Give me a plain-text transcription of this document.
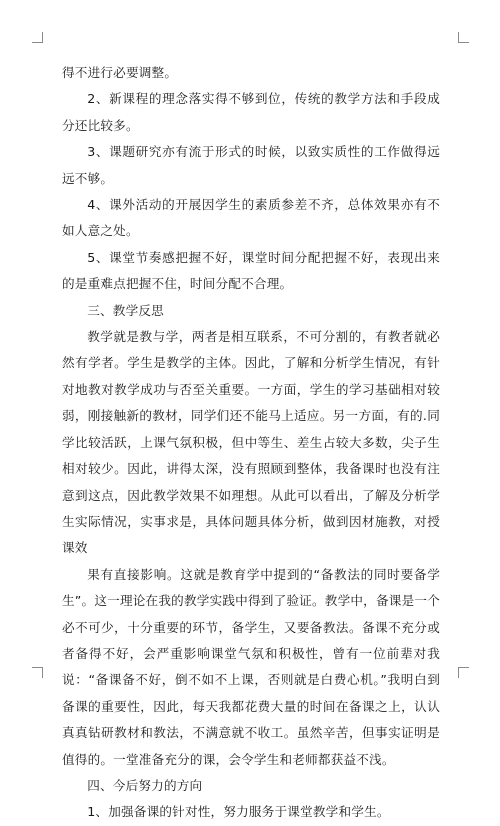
得不进行必要调整。

2、新课程的理念落实得不够到位，传统的教学方法和手段成分还比较多。

3、课题研究亦有流于形式的时候，以致实质性的工作做得远远不够。

4、课外活动的开展因学生的素质参差不齐，总体效果亦有不如人意之处。

5、课堂节奏感把握不好，课堂时间分配把握不好，表现出来的是重难点把握不住，时间分配不合理。

三、教学反思

教学就是教与学，两者是相互联系，不可分割的，有教者就必然有学者。学生是教学的主体。因此，了解和分析学生情况，有针对地教对教学成功与否至关重要。一方面，学生的学习基础相对较弱，刚接触新的教材，同学们还不能马上适应。另一方面，有的.同学比较活跃，上课气氛积极，但中等生、差生占较大多数，尖子生相对较少。因此，讲得太深，没有照顾到整体，我备课时也没有注意到这点，因此教学效果不如理想。从此可以看出，了解及分析学生实际情况，实事求是，具体问题具体分析，做到因材施教，对授课效

果有直接影响。这就是教育学中提到的“备教法的同时要备学生”。这一理论在我的教学实践中得到了验证。教学中，备课是一个必不可少，十分重要的环节，备学生，又要备教法。备课不充分或者备得不好，会严重影响课堂气氛和积极性，曾有一位前辈对我说：“备课备不好，倒不如不上课，否则就是白费心机。”我明白到备课的重要性，因此，每天我都花费大量的时间在备课之上，认认真真钻研教材和教法，不满意就不收工。虽然辛苦，但事实证明是值得的。一堂准备充分的课，会令学生和老师都获益不浅。

四、今后努力的方向

1、加强备课的针对性，努力服务于课堂教学和学生。
